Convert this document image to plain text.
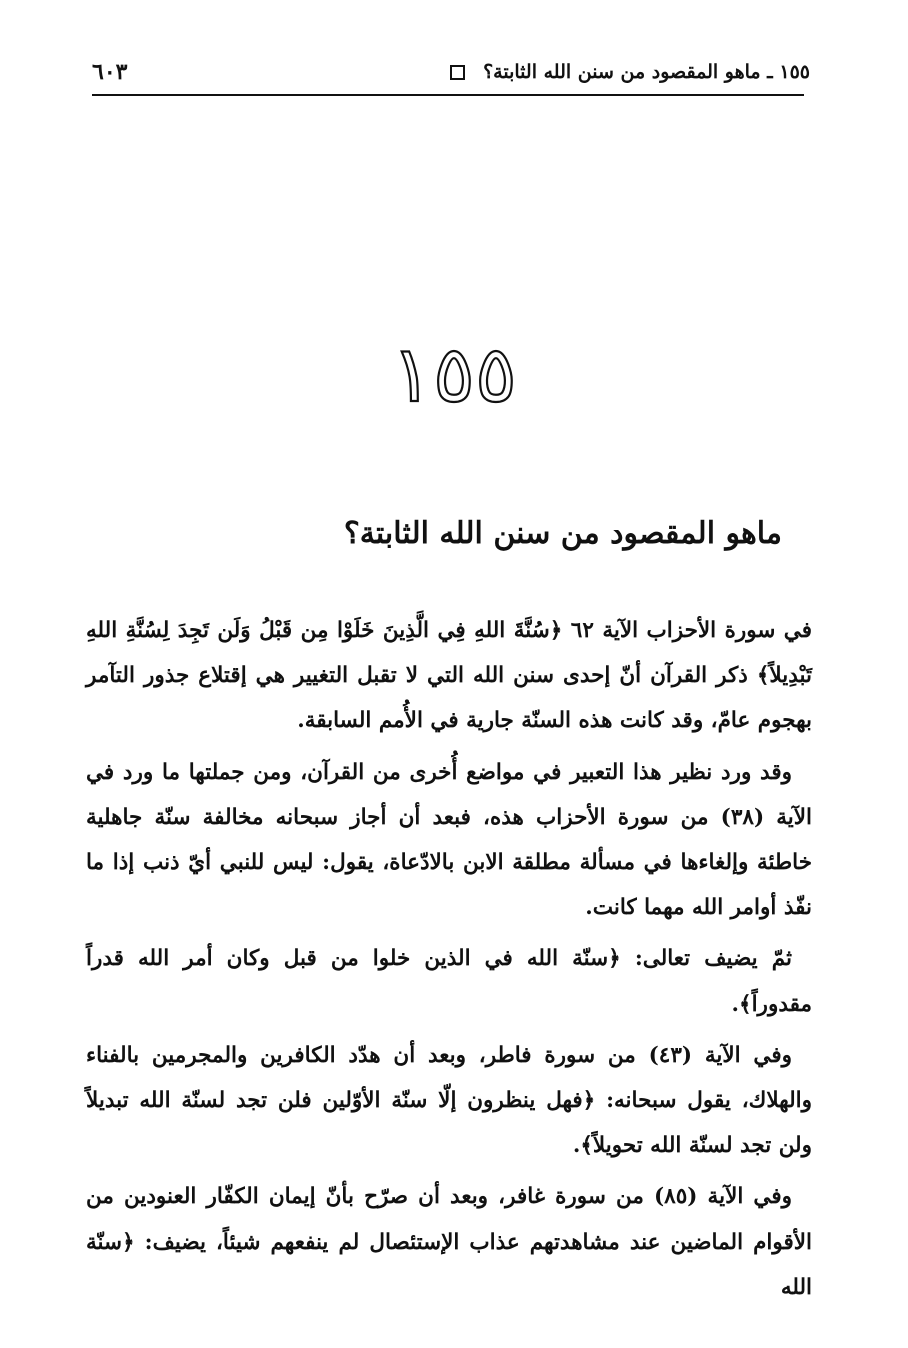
١٥٥ ـ ماهو المقصود من سنن الله الثابتة؟
٦٠٣
١٥٥
ماهو المقصود من سنن الله الثابتة؟

في سورة الأحزاب الآية ٦٢ ﴿سُنَّةَ اللهِ فِي الَّذِينَ خَلَوْا مِن قَبْلُ وَلَن تَجِدَ لِسُنَّةِ اللهِ تَبْدِيلاً﴾ ذكر القرآن أنّ إحدى سنن الله التي لا تقبل التغيير هي إقتلاع جذور التآمر بهجوم عامّ، وقد كانت هذه السنّة جارية في الأُمم السابقة.

وقد ورد نظير هذا التعبير في مواضع أُخرى من القرآن، ومن جملتها ما ورد في الآية (٣٨) من سورة الأحزاب هذه، فبعد أن أجاز سبحانه مخالفة سنّة جاهلية خاطئة وإلغاءها في مسألة مطلقة الابن بالادّعاة، يقول: ليس للنبي أيّ ذنب إذا ما نفّذ أوامر الله مهما كانت.

ثمّ يضيف تعالى: ﴿سنّة الله في الذين خلوا من قبل وكان أمر الله قدراً مقدوراً﴾.

وفي الآية (٤٣) من سورة فاطر، وبعد أن هدّد الكافرين والمجرمين بالفناء والهلاك، يقول سبحانه: ﴿فهل ينظرون إلّا سنّة الأوّلين فلن تجد لسنّة الله تبديلاً ولن تجد لسنّة الله تحويلاً﴾.

وفي الآية (٨٥) من سورة غافر، وبعد أن صرّح بأنّ إيمان الكفّار العنودين من الأقوام الماضين عند مشاهدتهم عذاب الإستئصال لم ينفعهم شيئاً، يضيف: ﴿سنّة الله
